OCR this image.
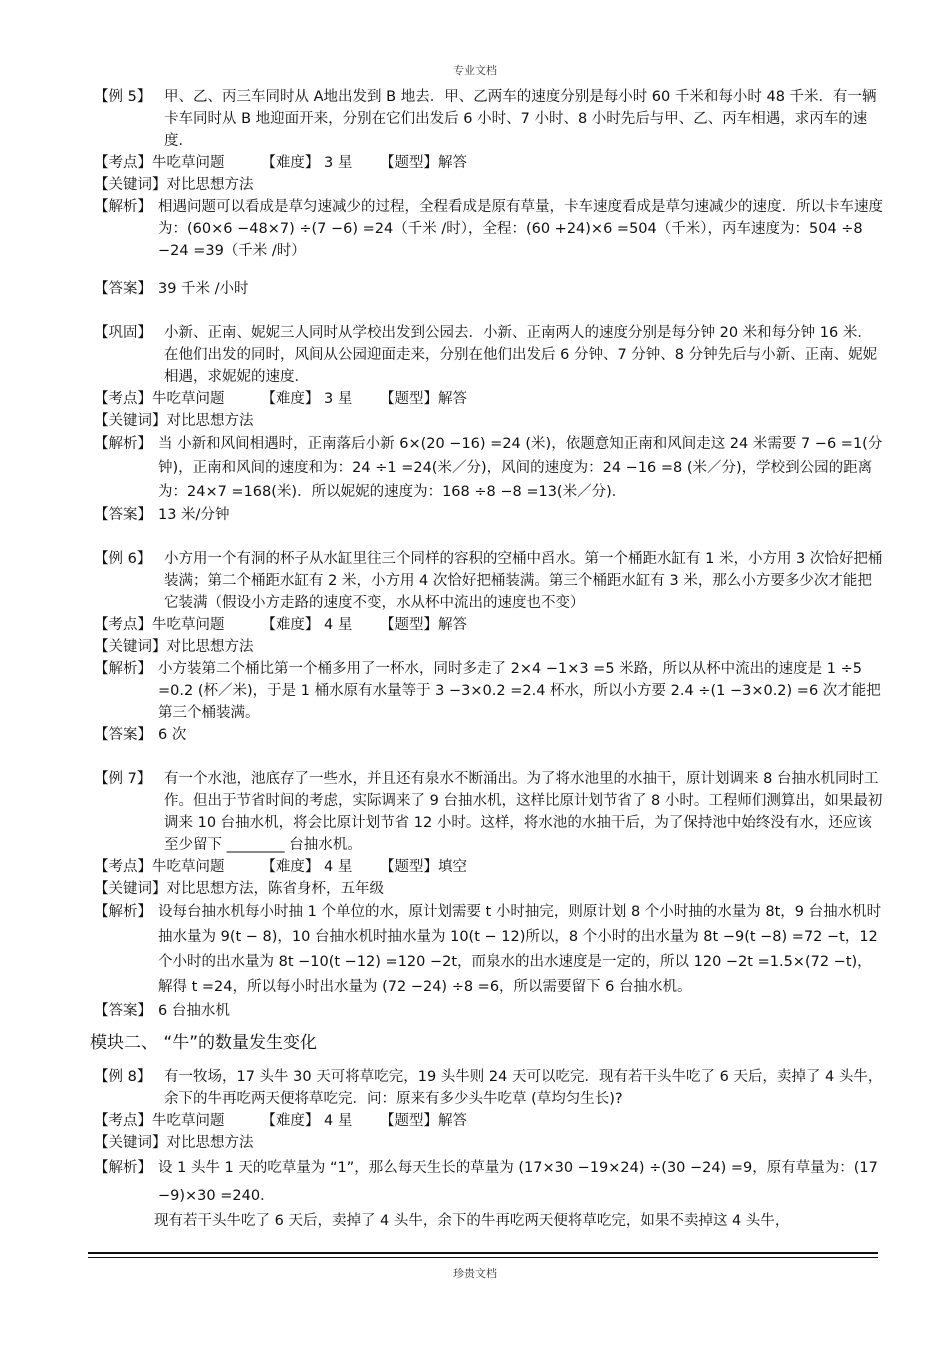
专业文档
【例 5】 甲、乙、丙三车同时从 A地出发到 B 地去．甲、乙两车的速度分别是每小时 60 千米和每小时 48 千米．有一辆卡车同时从 B 地迎面开来，分别在它们出发后 6 小时、7 小时、8 小时先后与甲、乙、丙车相遇，求丙车的速度．
【考点】牛吃草问题        【难度】 3 星      【题型】解答
【关键词】对比思想方法
【解析】 相遇问题可以看成是草匀速减少的过程，全程看成是原有草量，卡车速度看成是草匀速减少的速度．所以卡车速度为：(60×6 −48×7) ÷(7 −6) =24（千米 /时），全程：(60 +24)×6 =504（千米），丙车速度为：504 ÷8 −24 =39（千米 /时）
【答案】 39 千米 /小时
【巩固】 小新、正南、妮妮三人同时从学校出发到公园去．小新、正南两人的速度分别是每分钟 20 米和每分钟 16 米．在他们出发的同时，风间从公园迎面走来，分别在他们出发后 6 分钟、7 分钟、8 分钟先后与小新、正南、妮妮相遇，求妮妮的速度．
【考点】牛吃草问题        【难度】 3 星      【题型】解答
【关键词】对比思想方法
【解析】 当 小新和风间相遇时，正南落后小新 6×(20 −16) =24 (米)，依题意知正南和风间走这 24 米需要 7 −6 =1(分钟)，正南和风间的速度和为：24 ÷1 =24(米／分)，风间的速度为：24 −16 =8 (米／分)，学校到公园的距离为：24×7 =168(米)．所以妮妮的速度为：168 ÷8 −8 =13(米／分)．
【答案】 13 米/分钟
【例 6】 小方用一个有洞的杯子从水缸里往三个同样的容积的空桶中舀水。第一个桶距水缸有 1 米，小方用 3 次恰好把桶装满；第二个桶距水缸有 2 米，小方用 4 次恰好把桶装满。第三个桶距水缸有 3 米，那么小方要多少次才能把它装满（假设小方走路的速度不变，水从杯中流出的速度也不变）
【考点】牛吃草问题        【难度】 4 星      【题型】解答
【关键词】对比思想方法
【解析】 小方装第二个桶比第一个桶多用了一杯水，同时多走了 2×4 −1×3 =5 米路，所以从杯中流出的速度是 1 ÷5 =0.2 (杯／米)，于是 1 桶水原有水量等于 3 −3×0.2 =2.4 杯水，所以小方要 2.4 ÷(1 −3×0.2) =6 次才能把第三个桶装满。
【答案】 6 次
【例 7】 有一个水池，池底存了一些水，并且还有泉水不断涌出。为了将水池里的水抽干，原计划调来 8 台抽水机同时工作。但出于节省时间的考虑，实际调来了 9 台抽水机，这样比原计划节省了 8 小时。工程师们测算出，如果最初调来 10 台抽水机，将会比原计划节省 12 小时。这样，将水池的水抽干后，为了保持池中始终没有水，还应该至少留下 ________ 台抽水机。
【考点】牛吃草问题        【难度】 4 星      【题型】填空
【关键词】对比思想方法，陈省身杯，五年级
【解析】 设每台抽水机每小时抽 1 个单位的水，原计划需要 t 小时抽完，则原计划 8 个小时抽的水量为 8t，9 台抽水机时抽水量为 9(t − 8)，10 台抽水机时抽水量为 10(t − 12)所以，8 个小时的出水量为 8t −9(t −8) =72 −t，12 个小时的出水量为 8t −10(t −12) =120 −2t，而泉水的出水速度是一定的，所以 120 −2t =1.5×(72 −t)，解得 t =24，所以每小时出水量为 (72 −24) ÷8 =6，所以需要留下 6 台抽水机。
【答案】 6 台抽水机
模块二、 “牛”的数量发生变化
【例 8】 有一牧场，17 头牛 30 天可将草吃完，19 头牛则 24 天可以吃完．现有若干头牛吃了 6 天后，卖掉了 4 头牛，余下的牛再吃两天便将草吃完．问：原来有多少头牛吃草 (草均匀生长)?
【考点】牛吃草问题        【难度】 4 星      【题型】解答
【关键词】对比思想方法
【解析】 设 1 头牛 1 天的吃草量为 “1”，那么每天生长的草量为 (17×30 −19×24) ÷(30 −24) =9，原有草量为：(17 −9)×30 =240．
现有若干头牛吃了 6 天后，卖掉了 4 头牛，余下的牛再吃两天便将草吃完，如果不卖掉这 4 头牛，
珍贵文档
